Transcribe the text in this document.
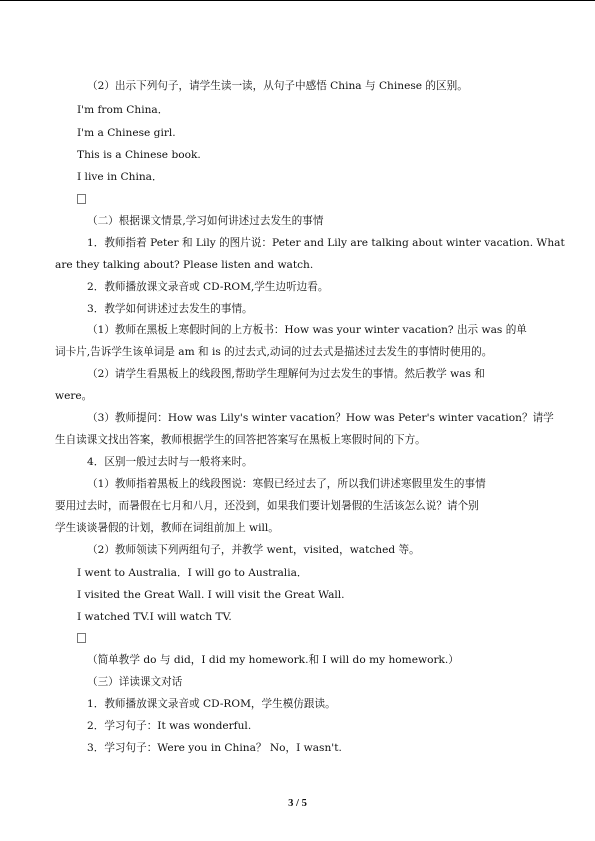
（2）出示下列句子，请学生读一读，从句子中感悟 China 与 Chinese 的区别。
I'm from China．
I'm a Chinese girl.
This is a Chinese book.
I live in China．
（二）根据课文情景,学习如何讲述过去发生的事情
1．教师指着 Peter 和 Lily 的图片说：Peter and Lily are talking about winter vacation. What
are they talking about? Please listen and watch.
2．教师播放课文录音或 CD-ROM,学生边听边看。
3．教学如何讲述过去发生的事情。
（1）教师在黑板上寒假时间的上方板书：How was your winter vacation? 出示 was 的单
词卡片,告诉学生该单词是 am 和 is 的过去式,动词的过去式是描述过去发生的事情时使用的。
（2）请学生看黑板上的线段图,帮助学生理解何为过去发生的事情。然后教学 was 和
were。
（3）教师提问：How was Lily's winter vacation？How was Peter's winter vacation？请学
生自读课文找出答案，教师根据学生的回答把答案写在黑板上寒假时间的下方。
4．区别一般过去时与一般将来时。
（1）教师指着黑板上的线段图说：寒假已经过去了，所以我们讲述寒假里发生的事情
要用过去时，而暑假在七月和八月，还没到，如果我们要计划暑假的生活该怎么说？请个别
学生谈谈暑假的计划，教师在词组前加上 will。
（2）教师领读下列两组句子，并教学 went，visited，watched 等。
I went to Australia．I will go to Australia．
I visited the Great Wall. I will visit the Great Wall.
I watched TV.I will watch TV.
（简单教学 do 与 did，I did my homework.和 I will do my homework.）
（三）详读课文对话
1．教师播放课文录音或 CD-ROM，学生模仿跟读。
2．学习句子：It was wonderful.
3．学习句子：Were you in China？ No，I wasn't.
3 / 5
